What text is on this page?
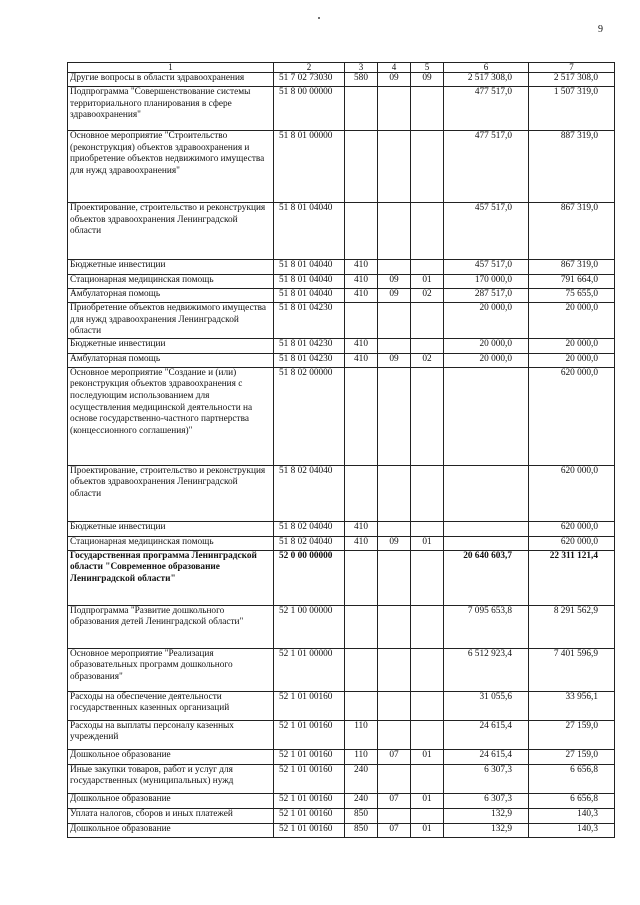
9
1	2	3	4	5	6	7
Другие вопросы в области здравоохранения	51 7 02 73030	580	09	09	2 517 308,0	2 517 308,0
Подпрограмма "Совершенствование системы территориального планирования в сфере здравоохранения"	51 8 00 00000				477 517,0	1 507 319,0
Основное мероприятие "Строительство (реконструкция) объектов здравоохранения и приобретение объектов недвижимого имущества для нужд здравоохранения"	51 8 01 00000				477 517,0	887 319,0
Проектирование, строительство и реконструкция объектов здравоохранения Ленинградской области	51 8 01 04040				457 517,0	867 319,0
Бюджетные инвестиции	51 8 01 04040	410			457 517,0	867 319,0
Стационарная медицинская помощь	51 8 01 04040	410	09	01	170 000,0	791 664,0
Амбулаторная помощь	51 8 01 04040	410	09	02	287 517,0	75 655,0
Приобретение объектов недвижимого имущества для нужд здравоохранения Ленинградской области	51 8 01 04230				20 000,0	20 000,0
Бюджетные инвестиции	51 8 01 04230	410			20 000,0	20 000,0
Амбулаторная помощь	51 8 01 04230	410	09	02	20 000,0	20 000,0
Основное мероприятие "Создание и (или) реконструкция объектов здравоохранения с последующим использованием для осуществления медицинской деятельности на основе государственно-частного партнерства (концессионного соглашения)"	51 8 02 00000					620 000,0
Проектирование, строительство и реконструкция объектов здравоохранения Ленинградской области	51 8 02 04040					620 000,0
Бюджетные инвестиции	51 8 02 04040	410				620 000,0
Стационарная медицинская помощь	51 8 02 04040	410	09	01		620 000,0
Государственная программа Ленинградской области "Современное образование Ленинградской области"	52 0 00 00000				20 640 603,7	22 311 121,4
Подпрограмма "Развитие дошкольного образования детей Ленинградской области"	52 1 00 00000				7 095 653,8	8 291 562,9
Основное мероприятие "Реализация образовательных программ дошкольного образования"	52 1 01 00000				6 512 923,4	7 401 596,9
Расходы на обеспечение деятельности государственных казенных организаций	52 1 01 00160				31 055,6	33 956,1
Расходы на выплаты персоналу казенных учреждений	52 1 01 00160	110			24 615,4	27 159,0
Дошкольное образование	52 1 01 00160	110	07	01	24 615,4	27 159,0
Иные закупки товаров, работ и услуг для государственных (муниципальных) нужд	52 1 01 00160	240			6 307,3	6 656,8
Дошкольное образование	52 1 01 00160	240	07	01	6 307,3	6 656,8
Уплата налогов, сборов и иных платежей	52 1 01 00160	850			132,9	140,3
Дошкольное образование	52 1 01 00160	850	07	01	132,9	140,3
